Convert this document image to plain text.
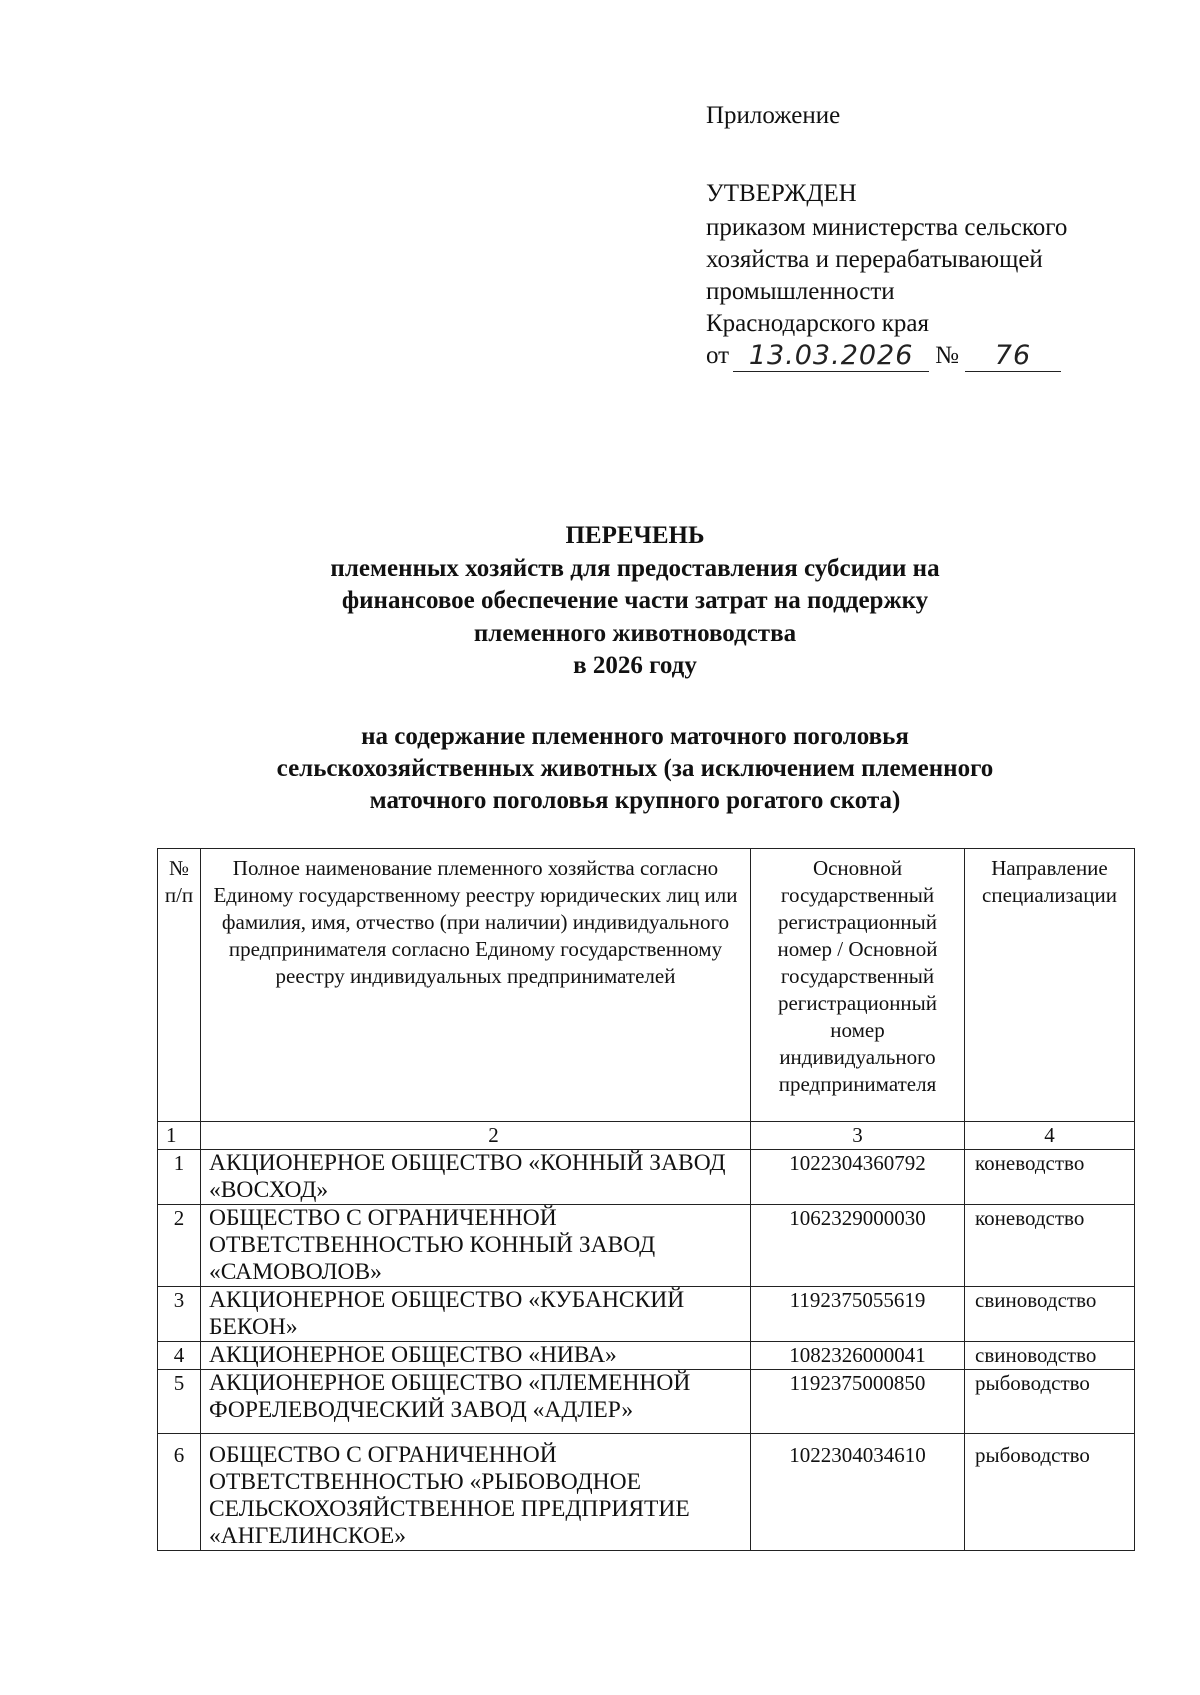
Приложение
УТВЕРЖДЕН
приказом министерства сельского
хозяйства и перерабатывающей
промышленности
Краснодарского края
от 13.03.2026 №	76
ПЕРЕЧЕНЬ
племенных хозяйств для предоставления субсидии на
финансовое обеспечение части затрат на поддержку
племенного животноводства
в 2026 году
на содержание племенного маточного поголовья
сельскохозяйственных животных (за исключением племенного
маточного поголовья крупного рогатого скота)
№ п/п	Полное наименование племенного хозяйства согласно Единому государственному реестру юридических лиц или фамилия, имя, отчество (при наличии) индивидуального предпринимателя согласно Единому государственному реестру индивидуальных предпринимателей	Основной государственный регистрационный номер / Основной государственный регистрационный номер индивидуального предпринимателя	Направление специализации
1	2	3	4
1	АКЦИОНЕРНОЕ ОБЩЕСТВО «КОННЫЙ ЗАВОД «ВОСХОД»	1022304360792	коневодство
2	ОБЩЕСТВО С ОГРАНИЧЕННОЙ ОТВЕТСТВЕННОСТЬЮ КОННЫЙ ЗАВОД «САМОВОЛОВ»	1062329000030	коневодство
3	АКЦИОНЕРНОЕ ОБЩЕСТВО «КУБАНСКИЙ БЕКОН»	1192375055619	свиноводство
4	АКЦИОНЕРНОЕ ОБЩЕСТВО «НИВА»	1082326000041	свиноводство
5	АКЦИОНЕРНОЕ ОБЩЕСТВО «ПЛЕМЕННОЙ ФОРЕЛЕВОДЧЕСКИЙ ЗАВОД «АДЛЕР»	1192375000850	рыбоводство
6	ОБЩЕСТВО С ОГРАНИЧЕННОЙ ОТВЕТСТВЕННОСТЬЮ «РЫБОВОДНОЕ СЕЛЬСКОХОЗЯЙСТВЕННОЕ ПРЕДПРИЯТИЕ «АНГЕЛИНСКОЕ»	1022304034610	рыбоводство
